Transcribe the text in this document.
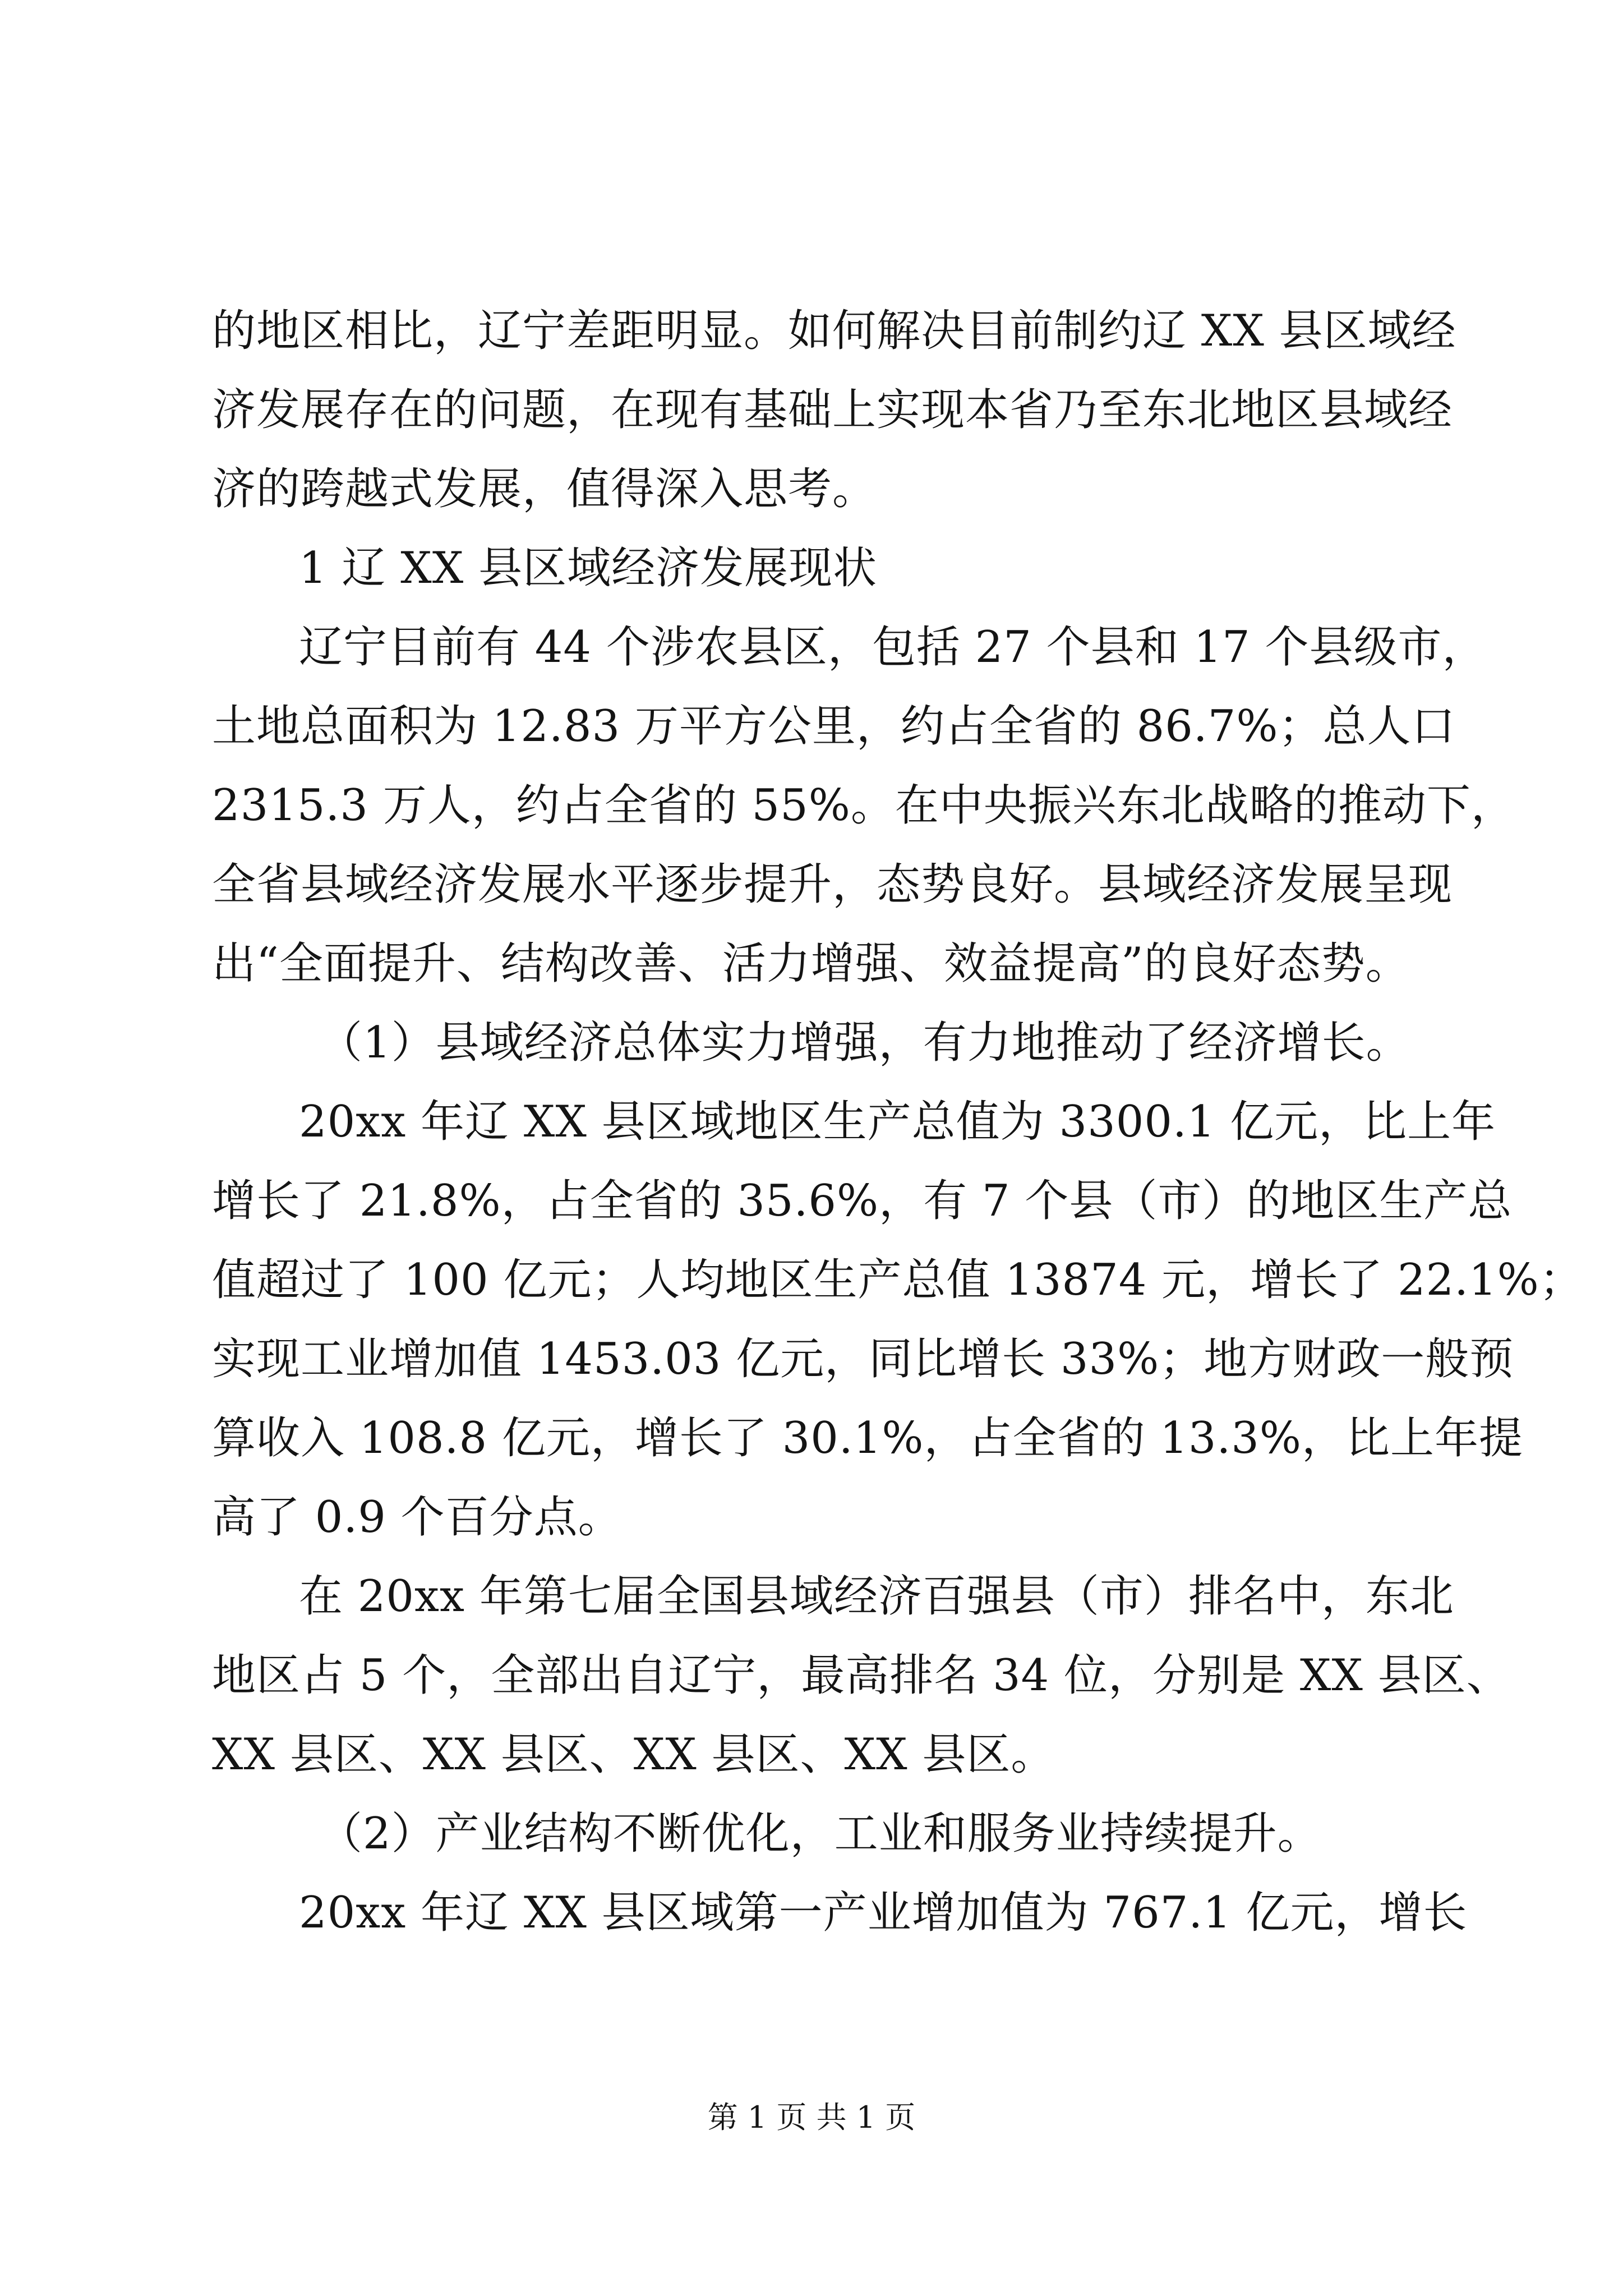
的地区相比，辽宁差距明显。如何解决目前制约辽 XX 县区域经
济发展存在的问题，在现有基础上实现本省乃至东北地区县域经
济的跨越式发展，值得深入思考。
1 辽 XX 县区域经济发展现状
辽宁目前有 44 个涉农县区，包括 27 个县和 17 个县级市，
土地总面积为 12.83 万平方公里，约占全省的 86.7%；总人口
2315.3 万人，约占全省的 55%。在中央振兴东北战略的推动下，
全省县域经济发展水平逐步提升，态势良好。县域经济发展呈现
出“全面提升、结构改善、活力增强、效益提高”的良好态势。
（1）县域经济总体实力增强，有力地推动了经济增长。
20xx 年辽 XX 县区域地区生产总值为 3300.1 亿元，比上年
增长了 21.8%，占全省的 35.6%，有 7 个县（市）的地区生产总
值超过了 100 亿元；人均地区生产总值 13874 元，增长了 22.1%；
实现工业增加值 1453.03 亿元，同比增长 33%；地方财政一般预
算收入 108.8 亿元，增长了 30.1%，占全省的 13.3%，比上年提
高了 0.9 个百分点。
在 20xx 年第七届全国县域经济百强县（市）排名中，东北
地区占 5 个，全部出自辽宁，最高排名 34 位，分别是 XX 县区、
XX 县区、XX 县区、XX 县区、XX 县区。
（2）产业结构不断优化，工业和服务业持续提升。
20xx 年辽 XX 县区域第一产业增加值为 767.1 亿元，增长
第 1 页 共 1 页
